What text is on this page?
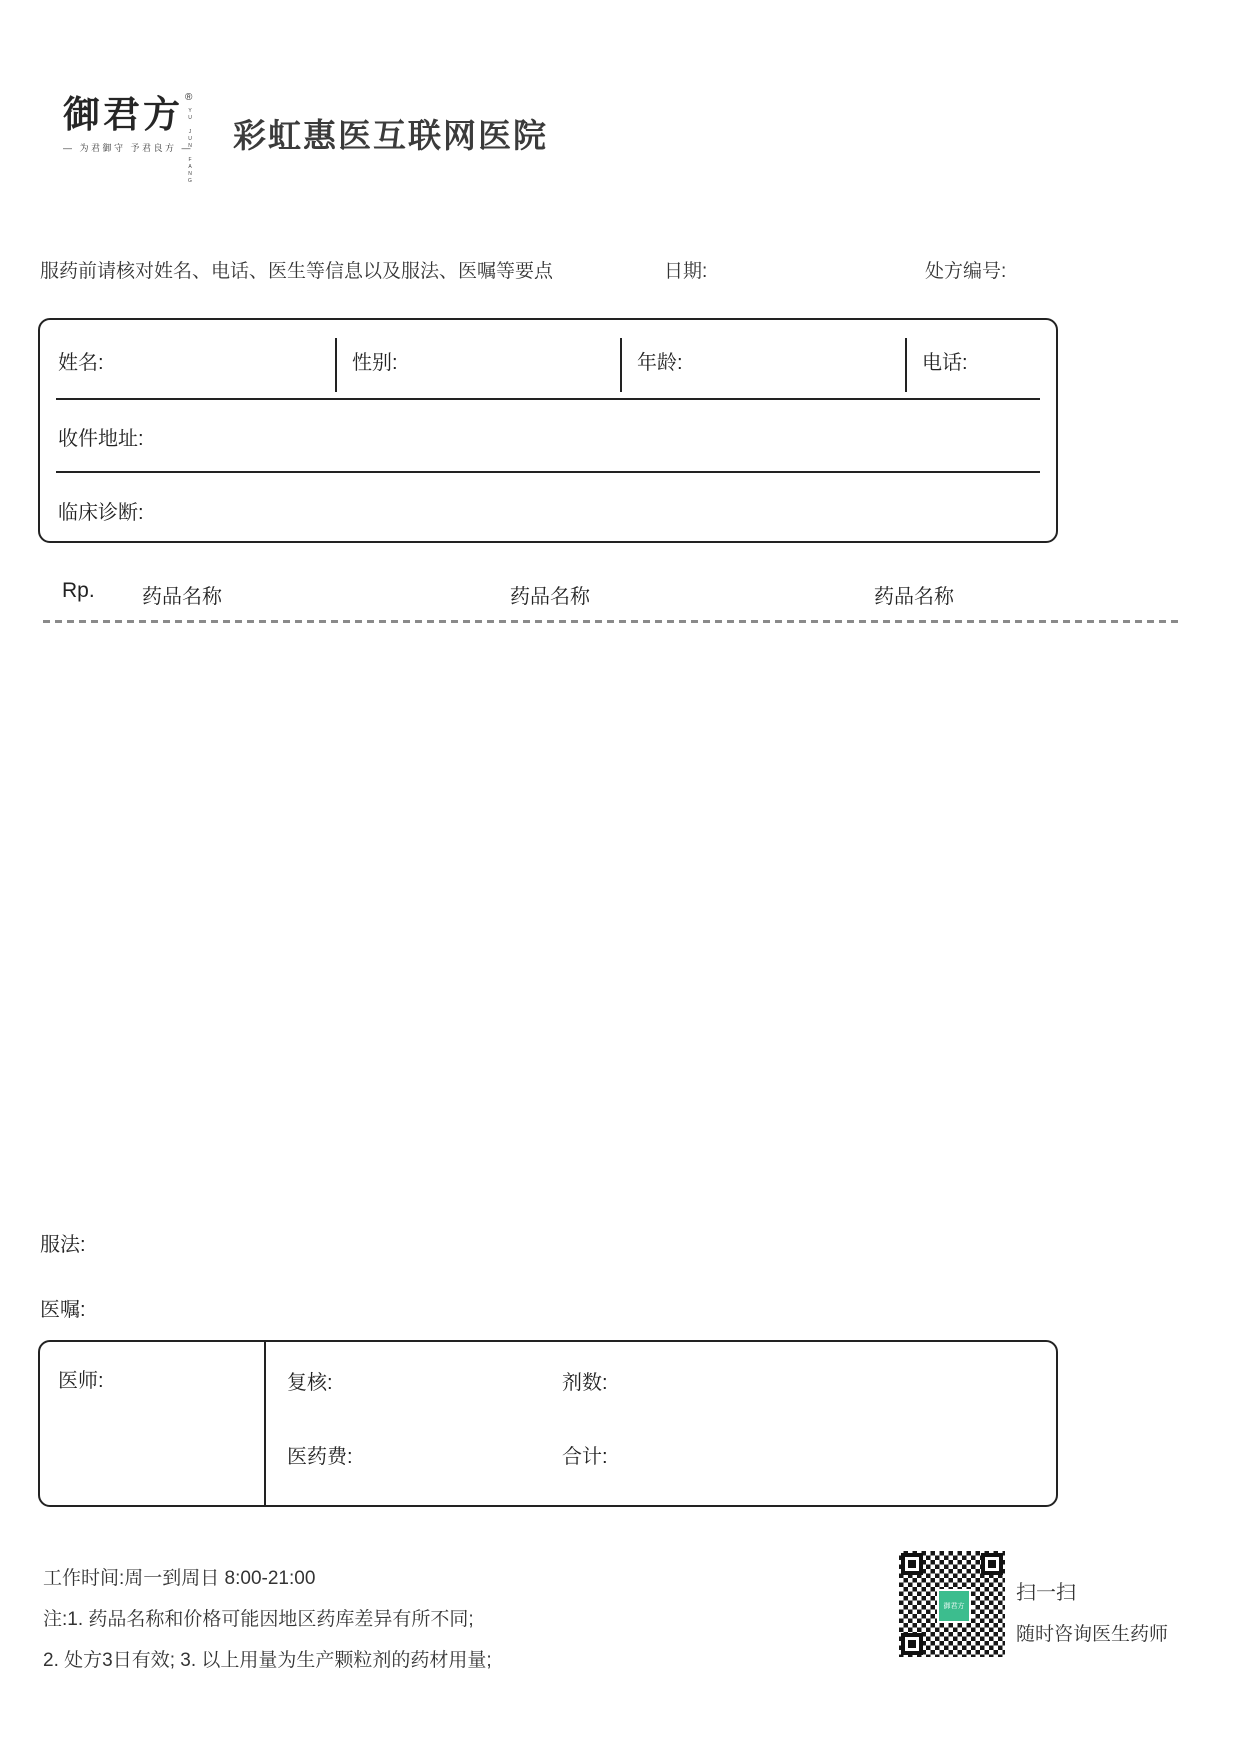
御君方 ®
YU JUN FANG
— 为君御守 予君良方 —	彩虹惠医互联网医院
服药前请核对姓名、电话、医生等信息以及服法、医嘱等要点	日期:	处方编号:
姓名:	性别:	年龄:	电话:
收件地址:
临床诊断:
Rp. 药品名称	药品名称	药品名称
服法:
医嘱:
医师:	复核:	剂数:
医药费:	合计:
工作时间:周一到周日 8:00-21:00
注:1. 药品名称和价格可能因地区药库差异有所不同;
2. 处方3日有效; 3. 以上用量为生产颗粒剂的药材用量;
御君方
扫一扫
随时咨询医生药师
